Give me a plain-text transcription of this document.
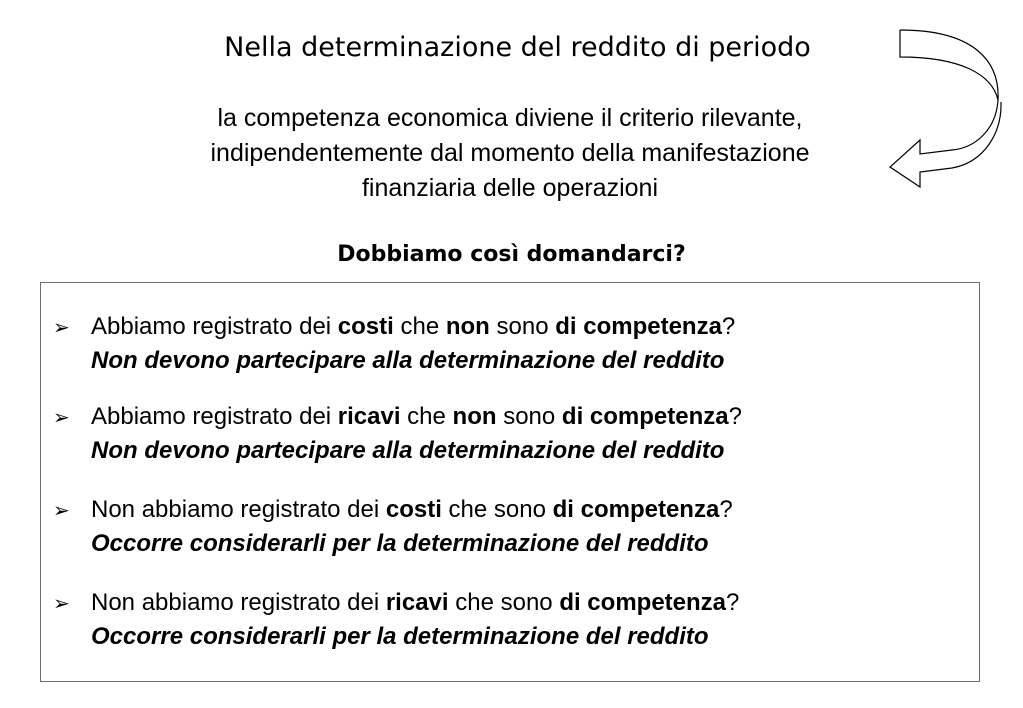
Nella determinazione del reddito di periodo
la competenza economica diviene il criterio rilevante, indipendentemente dal momento della manifestazione finanziaria delle operazioni
Dobbiamo così domandarci?
➢ Abbiamo registrato dei costi che non sono di competenza?
Non devono partecipare alla determinazione del reddito
➢ Abbiamo registrato dei ricavi che non sono di competenza?
Non devono partecipare alla determinazione del reddito
➢ Non abbiamo registrato dei costi che sono di competenza?
Occorre considerarli per la determinazione del reddito
➢ Non abbiamo registrato dei ricavi che sono di competenza?
Occorre considerarli per la determinazione del reddito
